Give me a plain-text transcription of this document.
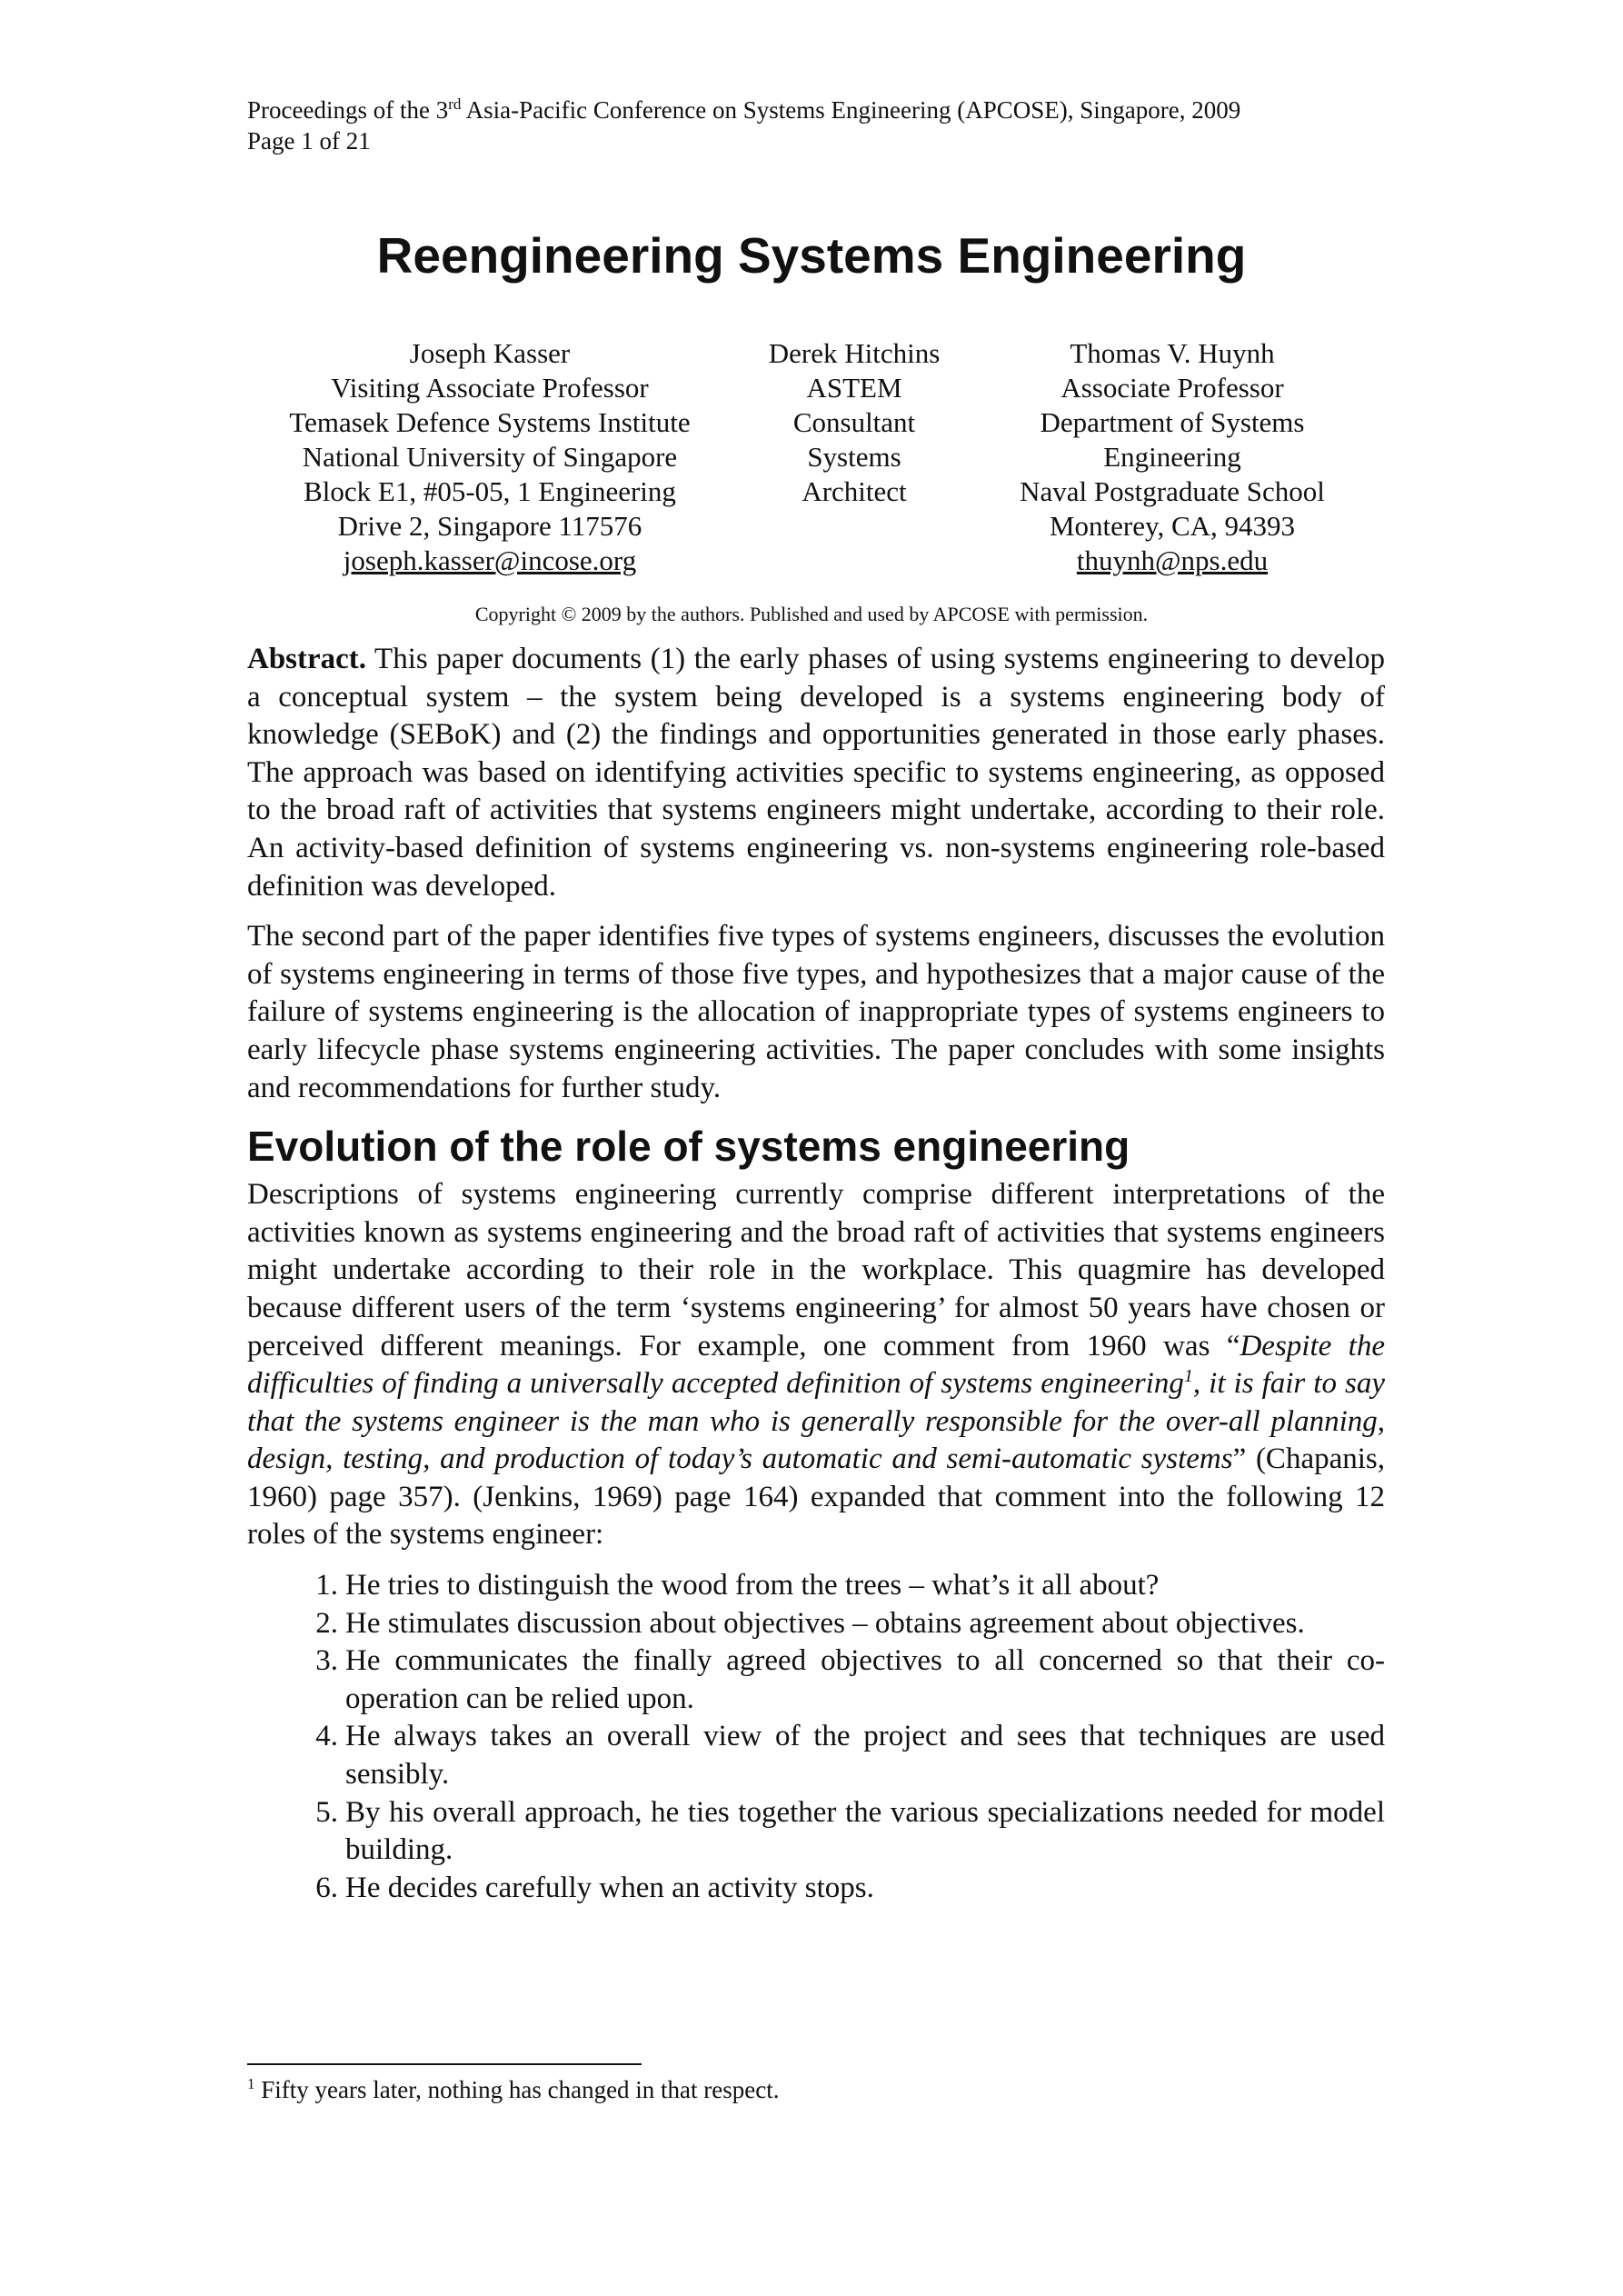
Proceedings of the 3rd Asia-Pacific Conference on Systems Engineering (APCOSE), Singapore, 2009
Page 1 of 21
Reengineering Systems Engineering
Joseph Kasser
Visiting Associate Professor
Temasek Defence Systems Institute
National University of Singapore
Block E1, #05-05, 1 Engineering
Drive 2, Singapore 117576
joseph.kasser@incose.org
Derek Hitchins
ASTEM
Consultant
Systems
Architect
Thomas V. Huynh
Associate Professor
Department of Systems
Engineering
Naval Postgraduate School
Monterey, CA, 94393
thuynh@nps.edu
Copyright © 2009 by the authors. Published and used by APCOSE with permission.

Abstract. This paper documents (1) the early phases of using systems engineering to develop a conceptual system – the system being developed is a systems engineering body of knowledge (SEBoK) and (2) the findings and opportunities generated in those early phases. The approach was based on identifying activities specific to systems engineering, as opposed to the broad raft of activities that systems engineers might undertake, according to their role. An activity-based definition of systems engineering vs. non-systems engineering role-based definition was developed.

The second part of the paper identifies five types of systems engineers, discusses the evolution of systems engineering in terms of those five types, and hypothesizes that a major cause of the failure of systems engineering is the allocation of inappropriate types of systems engineers to early lifecycle phase systems engineering activities. The paper concludes with some insights and recommendations for further study.

Evolution of the role of systems engineering

Descriptions of systems engineering currently comprise different interpretations of the activities known as systems engineering and the broad raft of activities that systems engineers might undertake according to their role in the workplace. This quagmire has developed because different users of the term ‘systems engineering’ for almost 50 years have chosen or perceived different meanings. For example, one comment from 1960 was “Despite the difficulties of finding a universally accepted definition of systems engineering$^1$, it is fair to say that the systems engineer is the man who is generally responsible for the over-all planning, design, testing, and production of today’s automatic and semi-automatic systems” (Chapanis, 1960) page 357). (Jenkins, 1969) page 164) expanded that comment into the following 12 roles of the systems engineer:

1. He tries to distinguish the wood from the trees – what’s it all about?
2. He stimulates discussion about objectives – obtains agreement about objectives.
3. He communicates the finally agreed objectives to all concerned so that their co-operation can be relied upon.
4. He always takes an overall view of the project and sees that techniques are used sensibly.
5. By his overall approach, he ties together the various specializations needed for model building.
6. He decides carefully when an activity stops.
$^1$ Fifty years later, nothing has changed in that respect.
